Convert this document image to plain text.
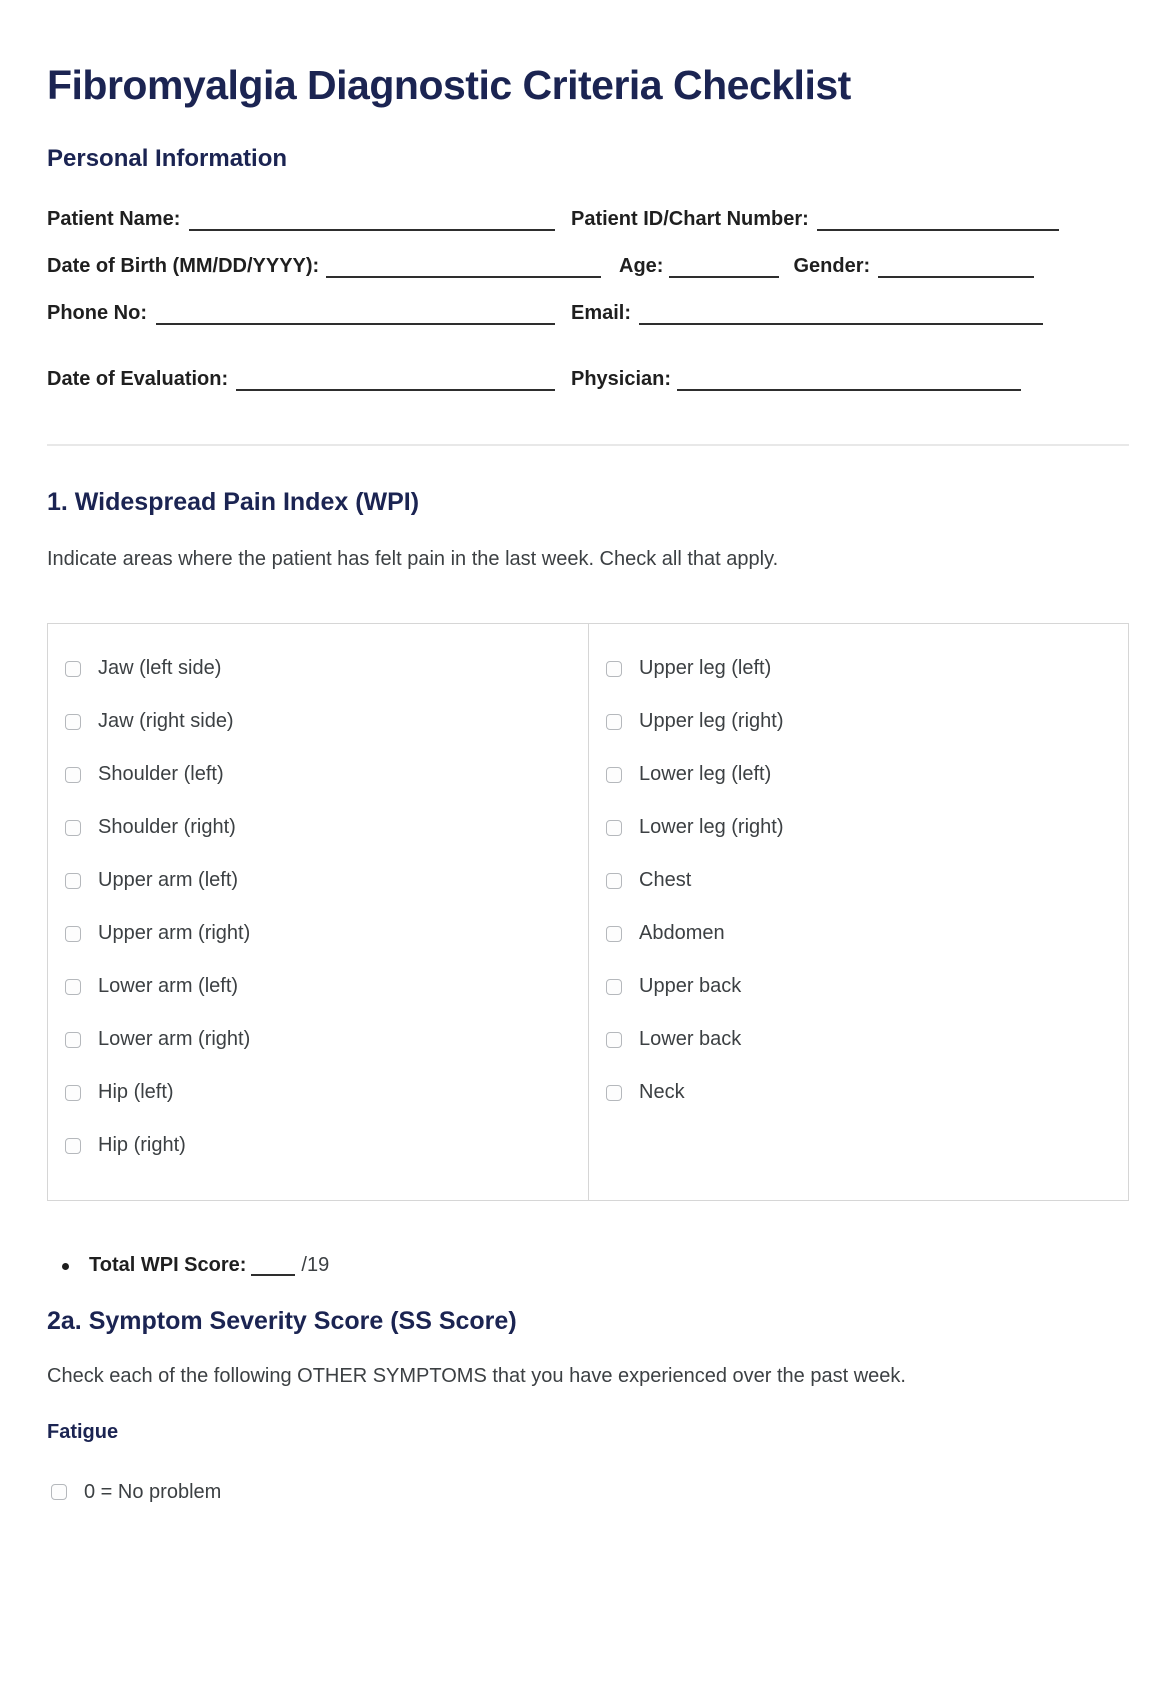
Fibromyalgia Diagnostic Criteria Checklist
Personal Information
Patient Name:	Patient ID/Chart Number:
Date of Birth (MM/DD/YYYY):	Age:	Gender:
Phone No:	Email:
Date of Evaluation:	Physician:
1. Widespread Pain Index (WPI)

Indicate areas where the patient has felt pain in the last week. Check all that apply.

Jaw (left side)
Jaw (right side)
Shoulder (left)
Shoulder (right)
Upper arm (left)
Upper arm (right)
Lower arm (left)
Lower arm (right)
Hip (left)
Hip (right)
Upper leg (left)
Upper leg (right)
Lower leg (left)
Lower leg (right)
Chest
Abdomen
Upper back
Lower back
Neck
Total WPI Score:	/19
2a. Symptom Severity Score (SS Score)

Check each of the following OTHER SYMPTOMS that you have experienced over the past week.

Fatigue
0 = No problem
